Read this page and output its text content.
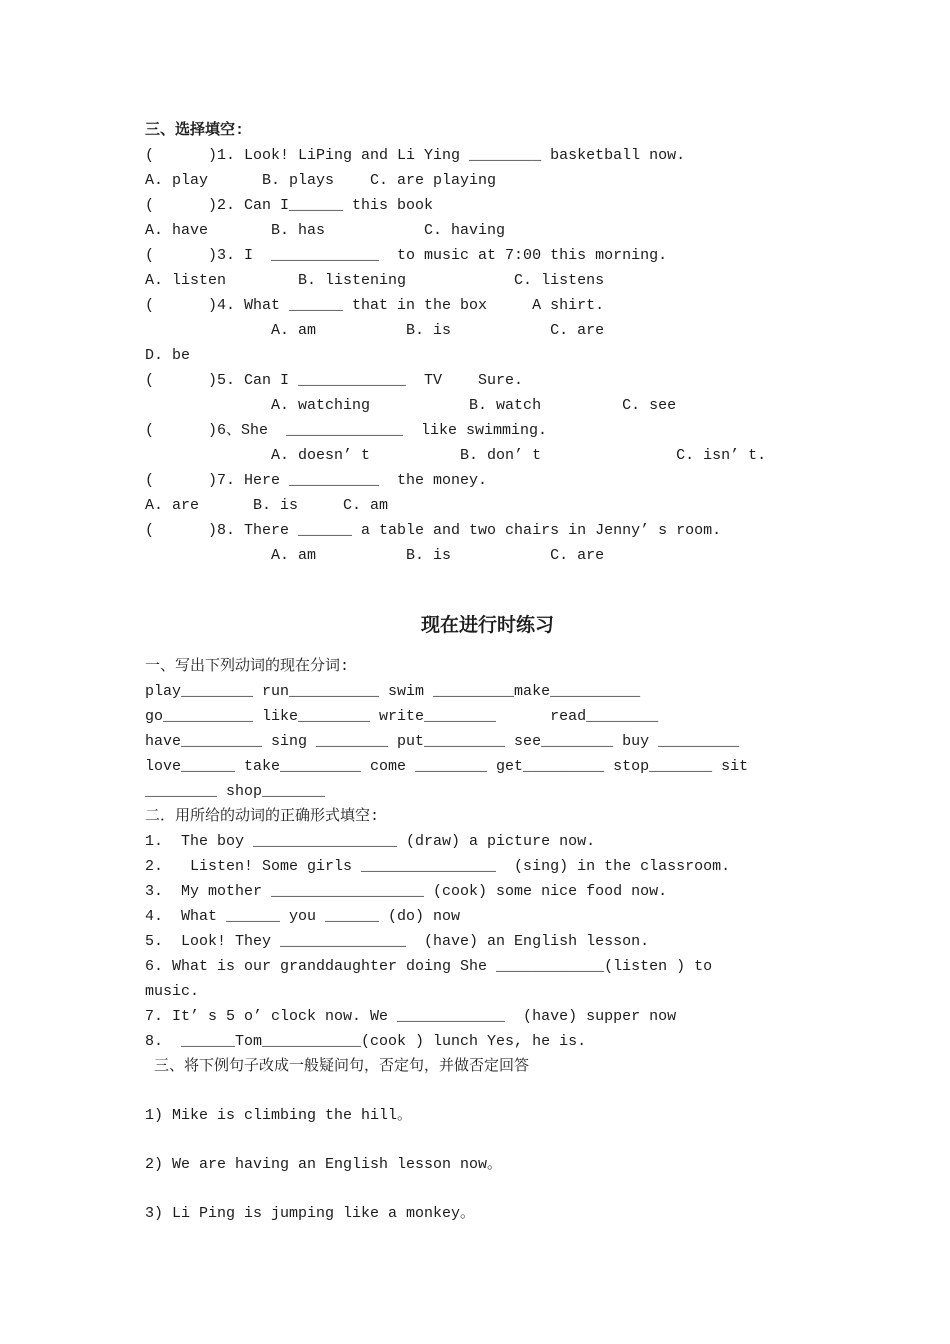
三、选择填空:
(      )1. Look! LiPing and Li Ying ________ basketball now.
A. play      B. plays    C. are playing
(      )2. Can I______ this book
A. have       B. has           C. having
(      )3. I  ____________  to music at 7:00 this morning.
A. listen        B. listening            C. listens
(      )4. What ______ that in the box     A shirt.
A. am          B. is           C. are
D. be
(      )5. Can I ____________  TV    Sure.
A. watching           B. watch         C. see
(      )6、She  _____________  like swimming.
A. doesn’ t          B. don’ t               C. isn’ t.
(      )7. Here __________  the money.
A. are      B. is     C. am
(      )8. There ______ a table and two chairs in Jenny’ s room.
A. am          B. is           C. are
现在进行时练习
一、写出下列动词的现在分词:
play________ run__________ swim _________make__________
go__________ like________ write________      read________
have_________ sing ________ put_________ see________ buy _________
love______ take_________ come ________ get_________ stop_______ sit
________ shop_______
二．用所给的动词的正确形式填空:
1.  The boy ________________ (draw) a picture now.
2.   Listen! Some girls _______________  (sing) in the classroom.
3.  My mother _________________ (cook) some nice food now.
4.  What ______ you ______ (do) now
5.  Look! They ______________  (have) an English lesson.
6. What is our granddaughter doing She ____________(listen ) to
music.
7. It’ s 5 o’ clock now. We ____________  (have) supper now
8.  ______Tom___________(cook ) lunch Yes, he is.
三、将下例句子改成一般疑问句，否定句，并做否定回答
1) Mike is climbing the hill。
2) We are having an English lesson now。
3) Li Ping is jumping like a monkey。
